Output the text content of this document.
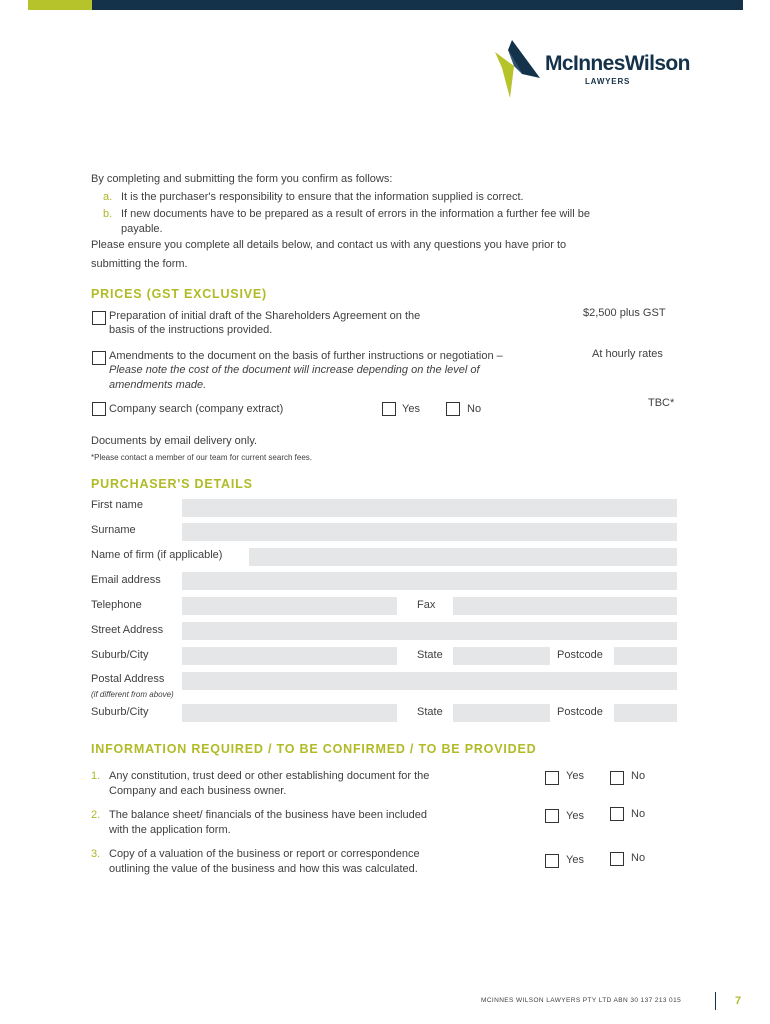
McInnesWilson
LAWYERS
By completing and submitting the form you confirm as follows:
a. It is the purchaser's responsibility to ensure that the information supplied is correct.
b. If new documents have to be prepared as a result of errors in the information a further fee will be
payable.
Please ensure you complete all details below, and contact us with any questions you have prior to
submitting the form.
PRICES (GST EXCLUSIVE)
Preparation of initial draft of the Shareholders Agreement on the
basis of the instructions provided.
$2,500 plus GST
Amendments to the document on the basis of further instructions or negotiation –
Please note the cost of the document will increase depending on the level of
amendments made.
At hourly rates
Company search (company extract)	Yes	No	TBC*
Documents by email delivery only.
*Please contact a member of our team for current search fees.
PURCHASER'S DETAILS
First name
Surname
Name of firm (if applicable)
Email address
Telephone	Fax
Street Address
Suburb/City	State	Postcode
Postal Address
(if different from above)
Suburb/City	State	Postcode
INFORMATION REQUIRED / TO BE CONFIRMED / TO BE PROVIDED
1. Any constitution, trust deed or other establishing document for the
Company and each business owner.
Yes	No
2. The balance sheet/ financials of the business have been included
with the application form.
Yes	No
3. Copy of a valuation of the business or report or correspondence
outlining the value of the business and how this was calculated.
Yes	No
MCINNES WILSON LAWYERS PTY LTD ABN 30 137 213 015	7
